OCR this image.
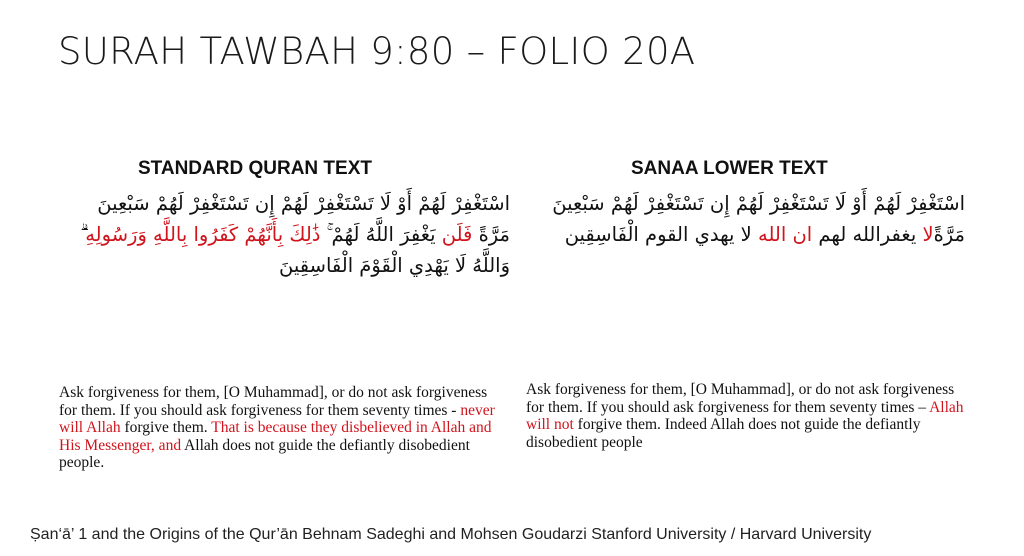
SURAH TAWBAH 9:80 – FOLIO 20A
STANDARD QURAN TEXT	SANAA LOWER TEXT
اسْتَغْفِرْ لَهُمْ أَوْ لَا تَسْتَغْفِرْ لَهُمْ إِن تَسْتَغْفِرْ لَهُمْ سَبْعِينَ مَرَّةً فَلَن يَغْفِرَ اللَّهُ لَهُمْ ۚ ذَٰلِكَ بِأَنَّهُمْ كَفَرُوا بِاللَّهِ وَرَسُولِهِ ۗ وَاللَّهُ لَا يَهْدِي الْقَوْمَ الْفَاسِقِينَ
اسْتَغْفِرْ لَهُمْ أَوْ لَا تَسْتَغْفِرْ لَهُمْ إِن تَسْتَغْفِرْ لَهُمْ سَبْعِينَ مَرَّةًلا يغفرالله لهم ان الله لا يهدي القوم الْفَاسِقِين
Ask forgiveness for them, [O Muhammad], or do not ask forgiveness for them. If you should ask forgiveness for them seventy times - never will Allah forgive them. That is because they disbelieved in Allah and His Messenger, and Allah does not guide the defiantly disobedient people.
Ask forgiveness for them, [O Muhammad], or do not ask forgiveness for them. If you should ask forgiveness for them seventy times – Allah will not forgive them. Indeed Allah does not guide the defiantly disobedient people
Ṣan‘ā’ 1 and the Origins of the Qur’ān Behnam Sadeghi and Mohsen Goudarzi Stanford University / Harvard University
